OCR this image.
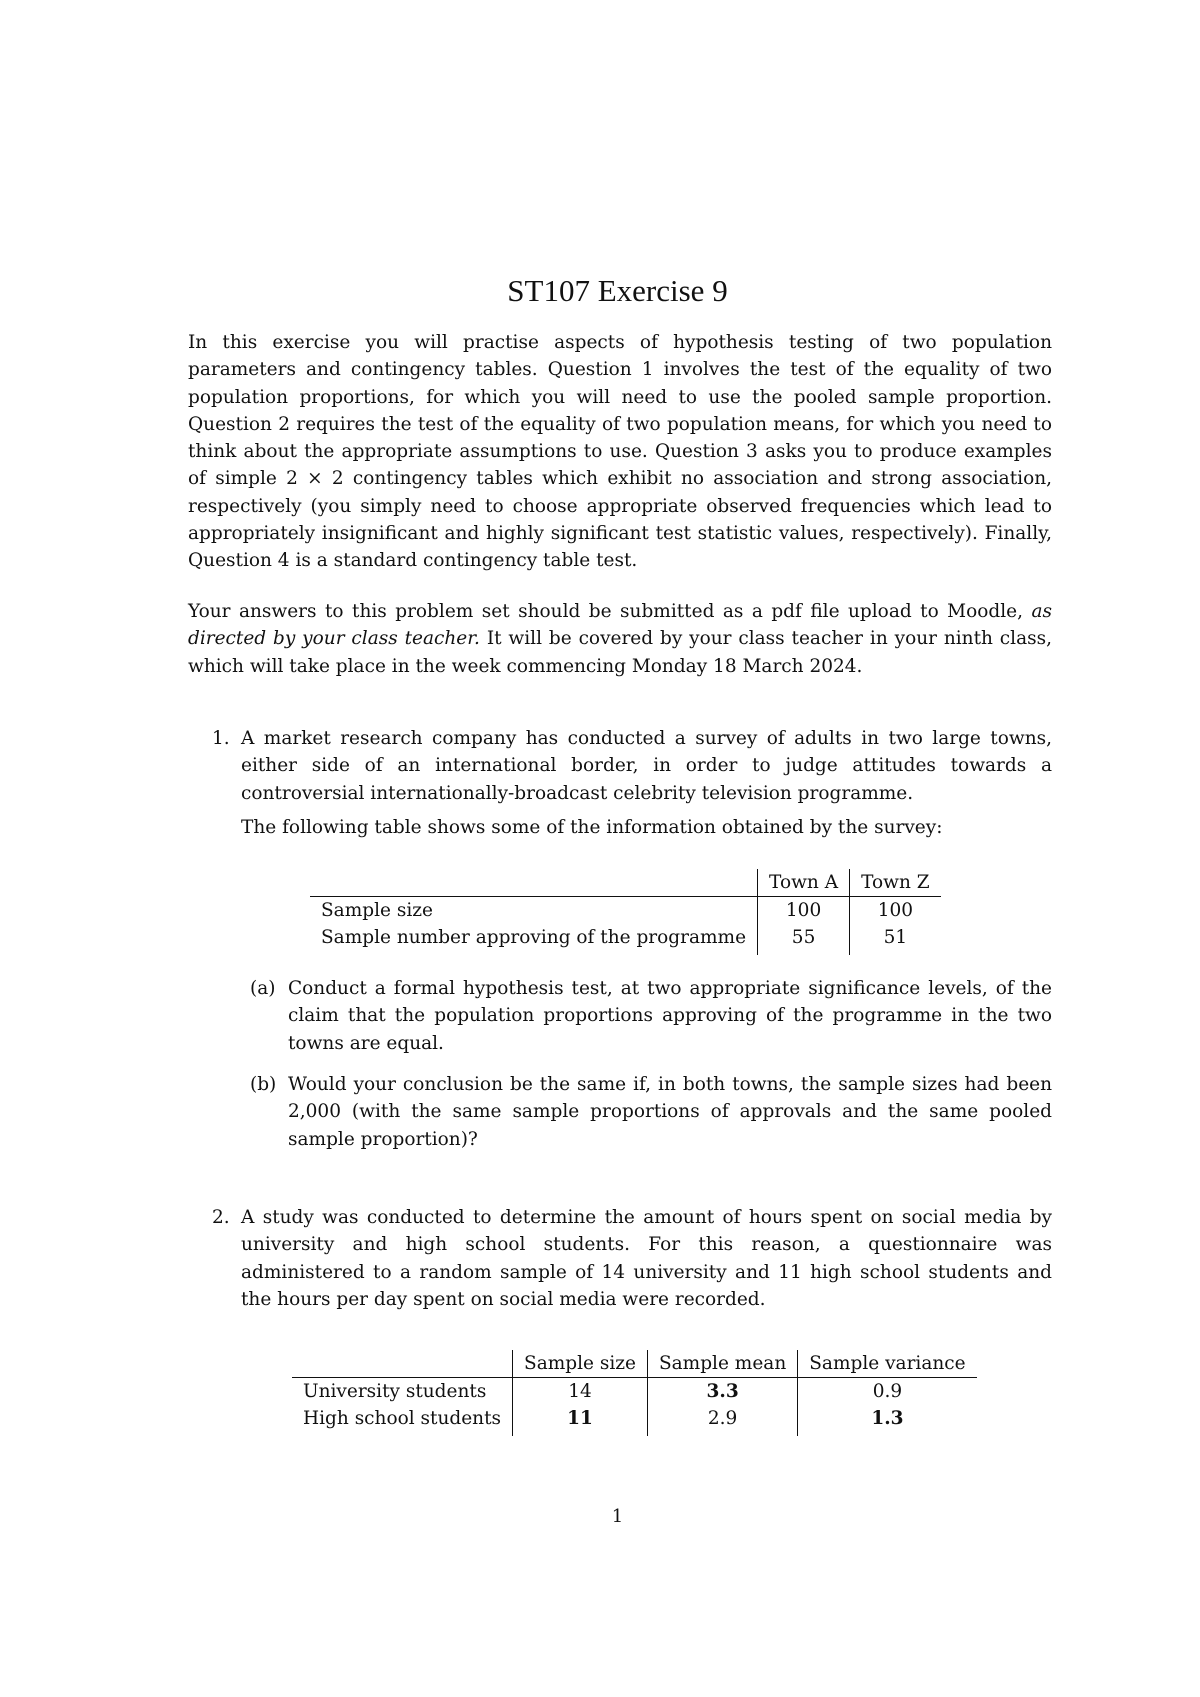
ST107 Exercise 9

In this exercise you will practise aspects of hypothesis testing of two population parameters and contingency tables. Question 1 involves the test of the equality of two population proportions, for which you will need to use the pooled sample proportion. Question 2 requires the test of the equality of two population means, for which you need to think about the appropriate assumptions to use. Question 3 asks you to produce examples of simple 2 × 2 contingency tables which exhibit no association and strong association, respectively (you simply need to choose appropriate observed frequencies which lead to appropriately insignificant and highly significant test statistic values, respectively). Finally, Question 4 is a standard contingency table test.

Your answers to this problem set should be submitted as a pdf file upload to Moodle, as directed by your class teacher. It will be covered by your class teacher in your ninth class, which will take place in the week commencing Monday 18 March 2024.

1. A market research company has conducted a survey of adults in two large towns, either side of an international border, in order to judge attitudes towards a controversial internationally-broadcast celebrity television programme.

The following table shows some of the information obtained by the survey:

	Town A	Town Z
Sample size	100	100
Sample number approving of the programme	55	51
(a) Conduct a formal hypothesis test, at two appropriate significance levels, of the claim that the population proportions approving of the programme in the two towns are equal.
(b) Would your conclusion be the same if, in both towns, the sample sizes had been 2,000 (with the same sample proportions of approvals and the same pooled sample proportion)?
2. A study was conducted to determine the amount of hours spent on social media by university and high school students. For this reason, a questionnaire was administered to a random sample of 14 university and 11 high school students and the hours per day spent on social media were recorded.

	Sample size	Sample mean	Sample variance
University students	14	3.3	0.9
High school students	11	2.9	1.3
1
